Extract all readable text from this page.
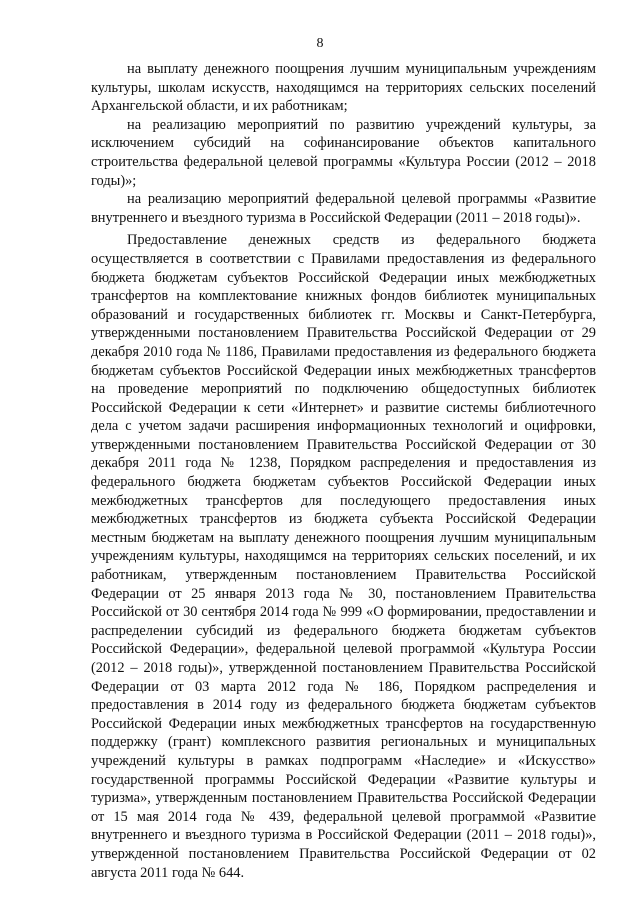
8

на выплату денежного поощрения лучшим муниципальным учреждениям культуры, школам искусств, находящимся на территориях сельских поселений Архангельской области, и их работникам;

на реализацию мероприятий по развитию учреждений культуры, за исключением субсидий на софинансирование объектов капитального строительства федеральной целевой программы «Культура России (2012 – 2018 годы)»;

на реализацию мероприятий федеральной целевой программы «Развитие внутреннего и въездного туризма в Российской Федерации (2011 – 2018 годы)».

Предоставление денежных средств из федерального бюджета осуществляется в соответствии с Правилами предоставления из федерального бюджета бюджетам субъектов Российской Федерации иных межбюджетных трансфертов на комплектование книжных фондов библиотек муниципальных образований и государственных библиотек гг. Москвы и Санкт-Петербурга, утвержденными постановлением Правительства Российской Федерации от 29 декабря 2010 года № 1186, Правилами предоставления из федерального бюджета бюджетам субъектов Российской Федерации иных межбюджетных трансфертов на проведение мероприятий по подключению общедоступных библиотек Российской Федерации к сети «Интернет» и развитие системы библиотечного дела с учетом задачи расширения информационных технологий и оцифровки, утвержденными постановлением Правительства Российской Федерации от 30 декабря 2011 года № 1238, Порядком распределения и предоставления из федерального бюджета бюджетам субъектов Российской Федерации иных межбюджетных трансфертов для последующего предоставления иных межбюджетных трансфертов из бюджета субъекта Российской Федерации местным бюджетам на выплату денежного поощрения лучшим муниципальным учреждениям культуры, находящимся на территориях сельских поселений, и их работникам, утвержденным постановлением Правительства Российской Федерации от 25 января 2013 года № 30, постановлением Правительства Российской от 30 сентября 2014 года № 999 «О формировании, предоставлении и распределении субсидий из федерального бюджета бюджетам субъектов Российской Федерации», федеральной целевой программой «Культура России (2012 – 2018 годы)», утвержденной постановлением Правительства Российской Федерации от 03 марта 2012 года № 186, Порядком распределения и предоставления в 2014 году из федерального бюджета бюджетам субъектов Российской Федерации иных межбюджетных трансфертов на государственную поддержку (грант) комплексного развития региональных и муниципальных учреждений культуры в рамках подпрограмм «Наследие» и «Искусство» государственной программы Российской Федерации «Развитие культуры и туризма», утвержденным постановлением Правительства Российской Федерации от 15 мая 2014 года № 439, федеральной целевой программой «Развитие внутреннего и въездного туризма в Российской Федерации (2011 – 2018 годы)», утвержденной постановлением Правительства Российской Федерации от 02 августа 2011 года № 644.
